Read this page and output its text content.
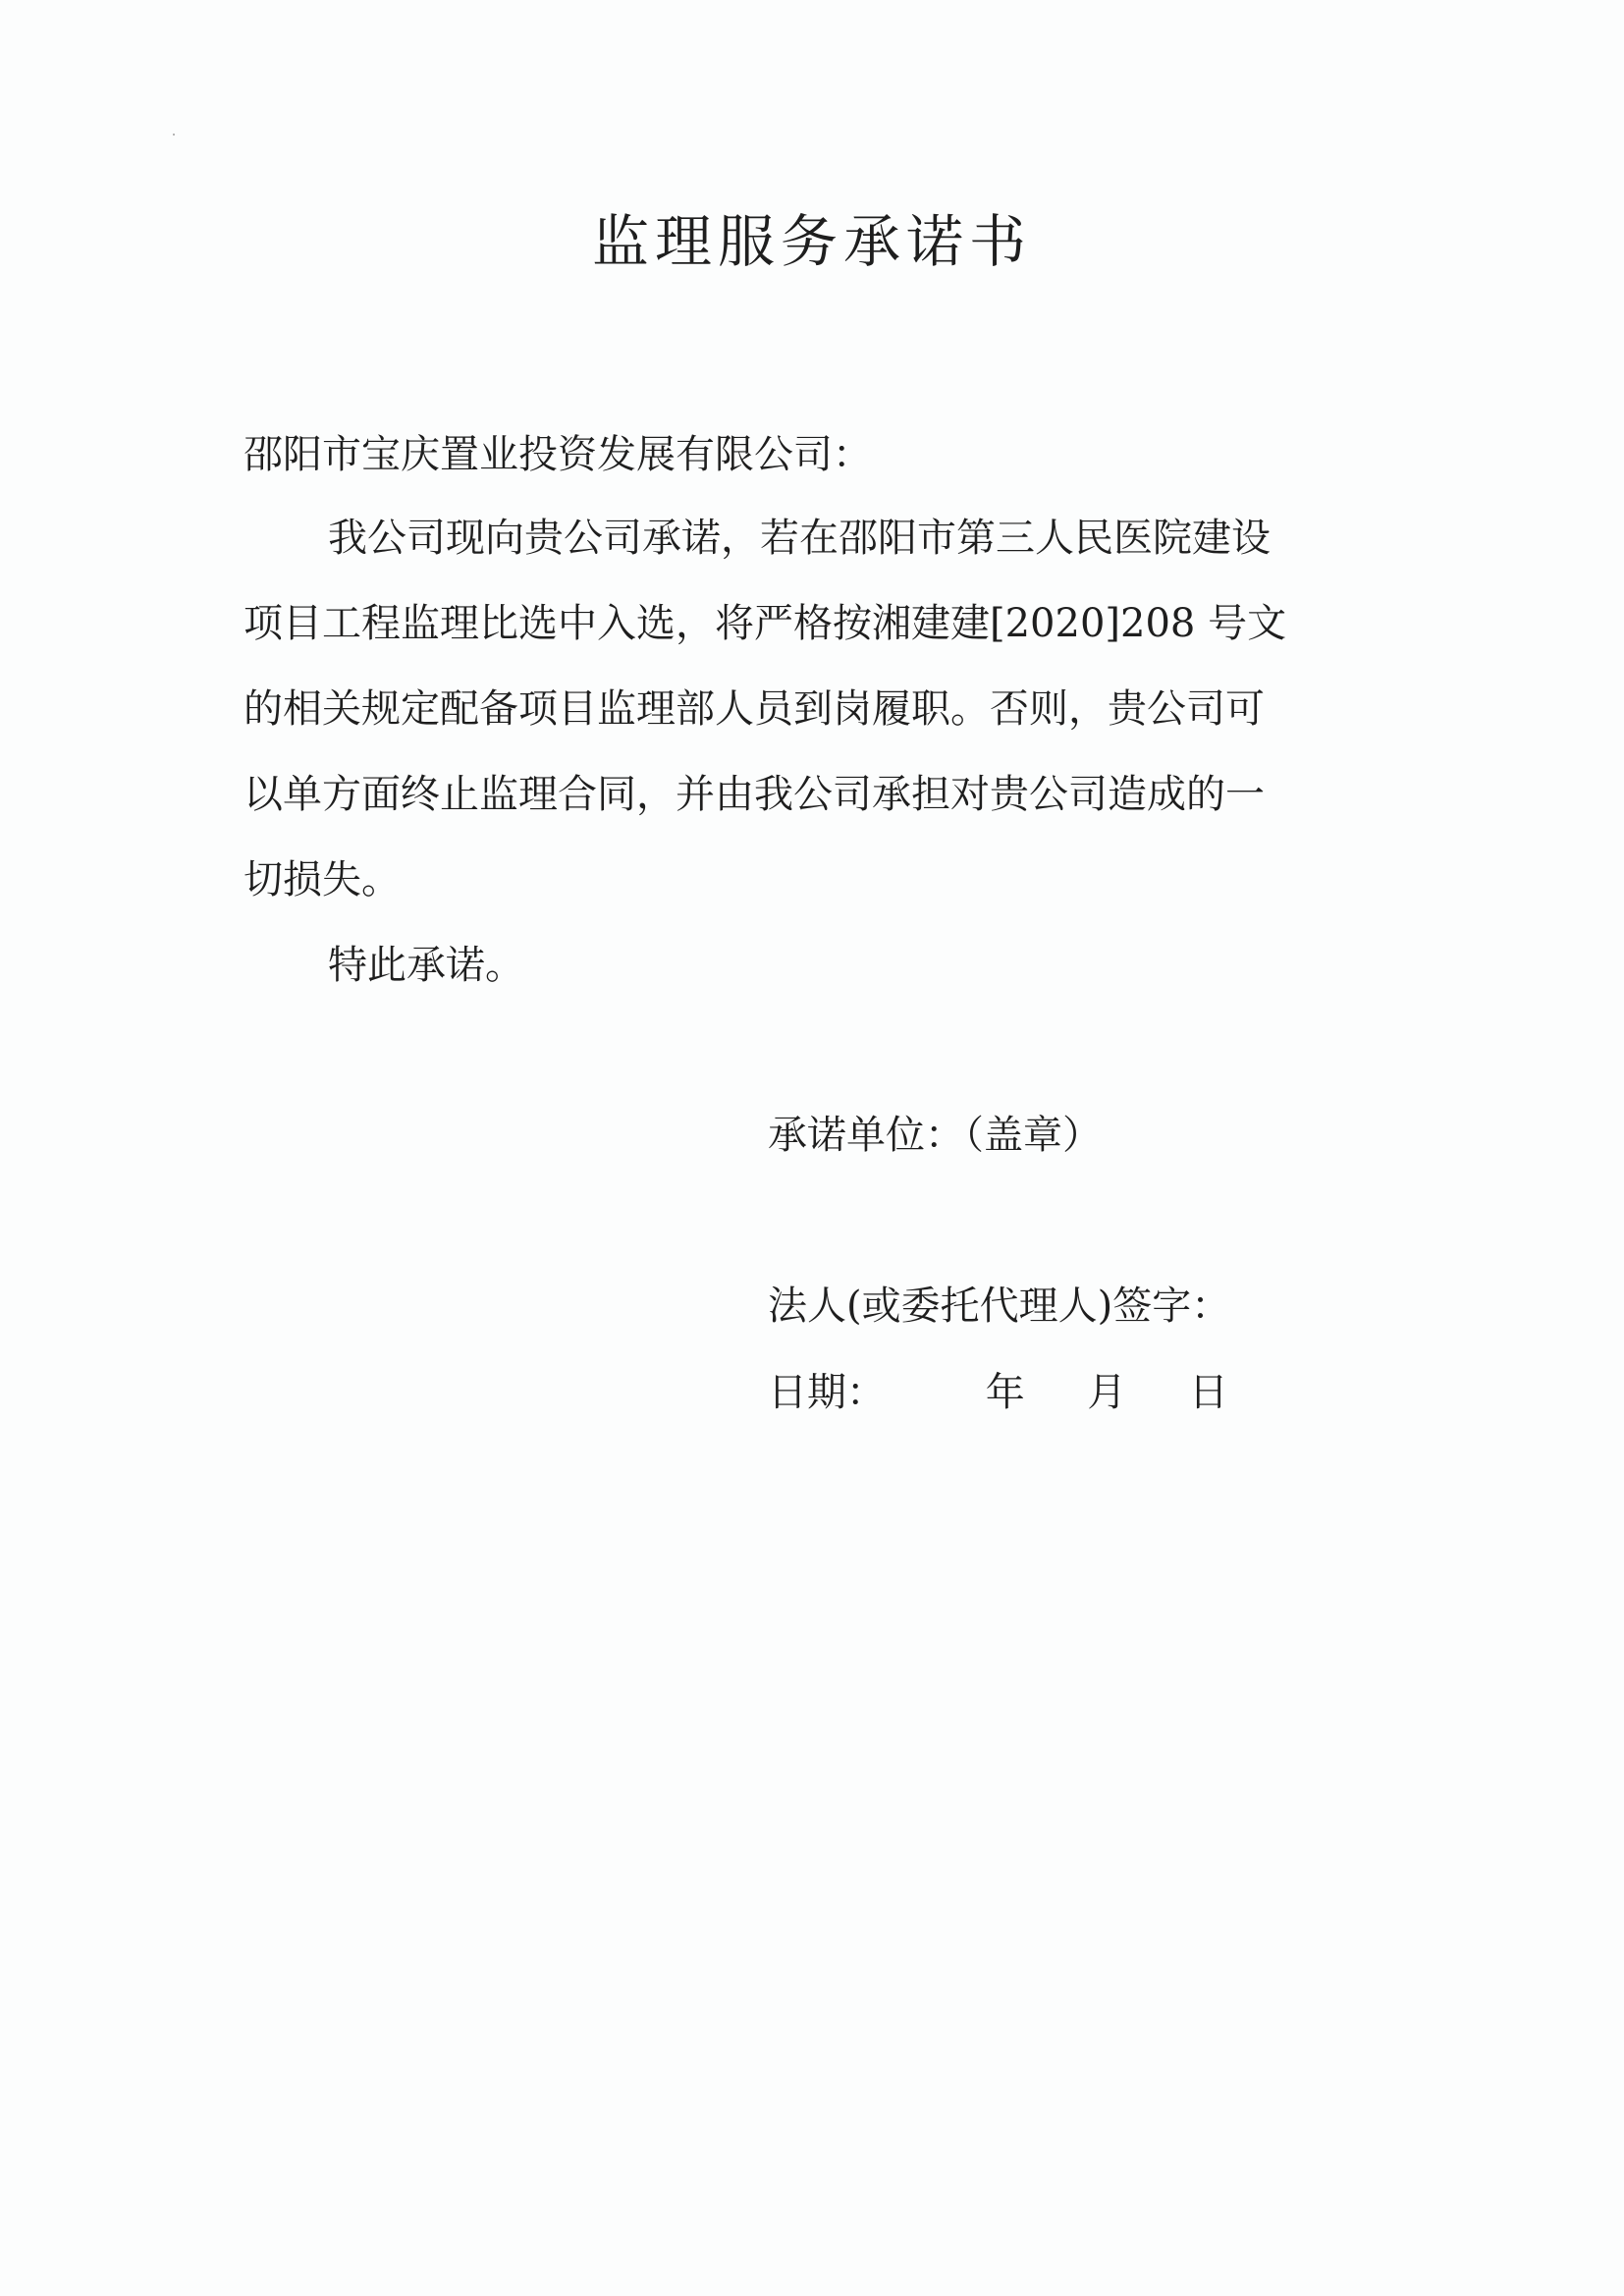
监理服务承诺书
邵阳市宝庆置业投资发展有限公司：
我公司现向贵公司承诺，若在邵阳市第三人民医院建设
项目工程监理比选中入选，将严格按湘建建[2020]208 号文
的相关规定配备项目监理部人员到岗履职。否则，贵公司可
以单方面终止监理合同，并由我公司承担对贵公司造成的一
切损失。
特此承诺。
承诺单位：（盖章）
法人(或委托代理人)签字：
日期：        年     月     日
